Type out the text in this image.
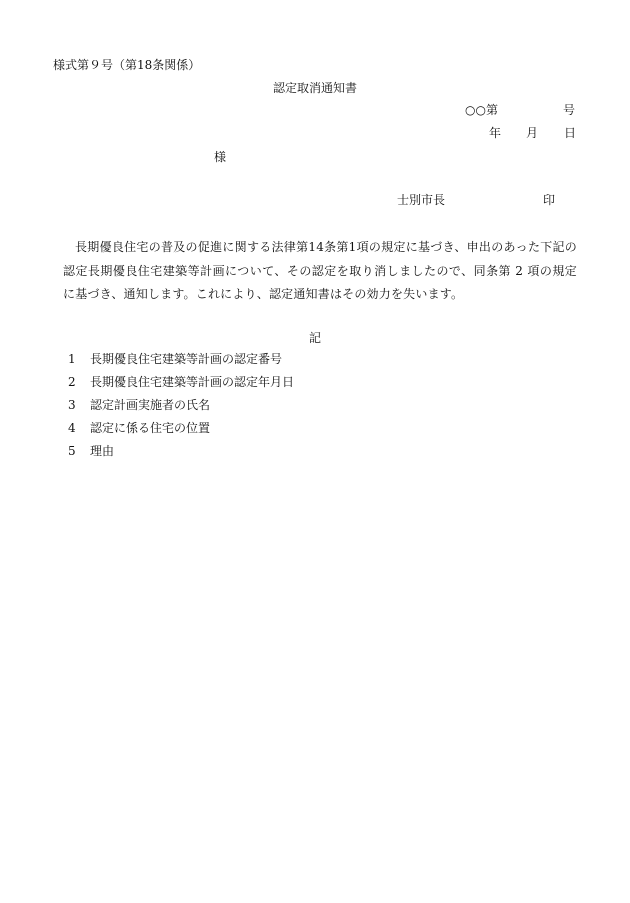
様式第９号（第18条関係）
認定取消通知書
○○第	号
年 月 日
様
士別市長	印

長期優良住宅の普及の促進に関する法律第14条第1項の規定に基づき、申出のあった下記の認定長期優良住宅建築等計画について、その認定を取り消しましたので、同条第 2 項の規定に基づき、通知します。これにより、認定通知書はその効力を失います。

記
1 長期優良住宅建築等計画の認定番号
2 長期優良住宅建築等計画の認定年月日
3 認定計画実施者の氏名
4 認定に係る住宅の位置
5 理由
